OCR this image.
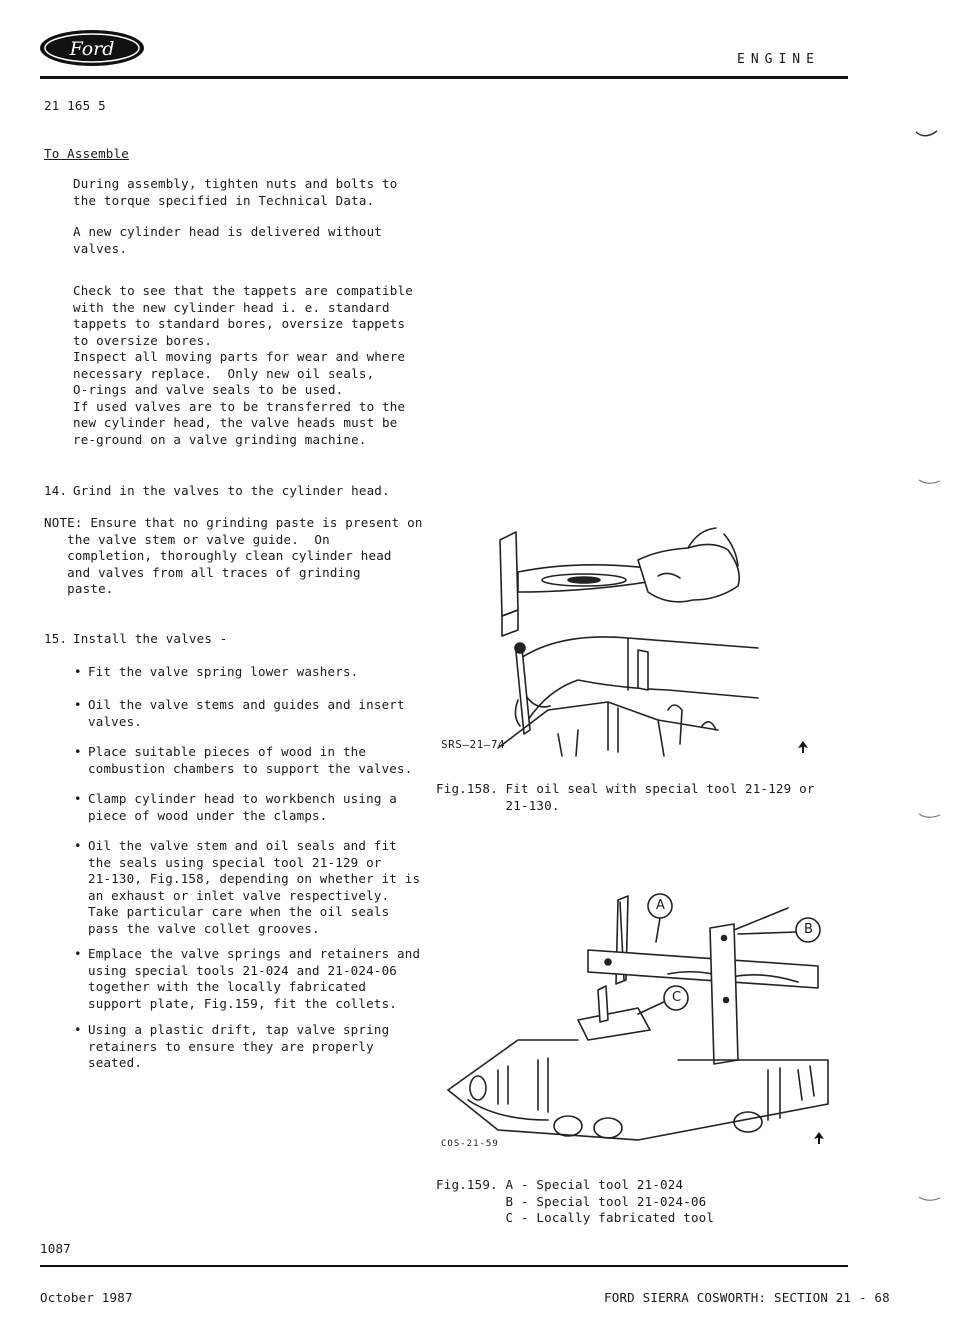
Ford	ENGINE
21 165 5
To Assemble
During assembly, tighten nuts and bolts to
the torque specified in Technical Data.
A new cylinder head is delivered without
valves.
Check to see that the tappets are compatible
with the new cylinder head i. e. standard
tappets to standard bores, oversize tappets
to oversize bores.
Inspect all moving parts for wear and where
necessary replace.  Only new oil seals,
O-rings and valve seals to be used.
If used valves are to be transferred to the
new cylinder head, the valve heads must be
re-ground on a valve grinding machine.
14. Grind in the valves to the cylinder head.
NOTE: Ensure that no grinding paste is present on
the valve stem or valve guide.  On
completion, thoroughly clean cylinder head
and valves from all traces of grinding
paste.
15. Install the valves -
• Fit the valve spring lower washers.
• Oil the valve stems and guides and insert
valves.
• Place suitable pieces of wood in the
combustion chambers to support the valves.
• Clamp cylinder head to workbench using a
piece of wood under the clamps.
• Oil the valve stem and oil seals and fit
the seals using special tool 21-129 or
21-130, Fig.158, depending on whether it is
an exhaust or inlet valve respectively.
Take particular care when the oil seals
pass the valve collet grooves.
• Emplace the valve springs and retainers and
using special tools 21-024 and 21-024-06
together with the locally fabricated
support plate, Fig.159, fit the collets.
• Using a plastic drift, tap valve spring
retainers to ensure they are properly
seated.
SRS—21—74
Fig.158. Fit oil seal with special tool 21-129 or
21-130.
A
B
C
COS-21-59
Fig.159. A - Special tool 21-024
B - Special tool 21-024-06
C - Locally fabricated tool
1087
October 1987	FORD SIERRA COSWORTH: SECTION 21 - 68
